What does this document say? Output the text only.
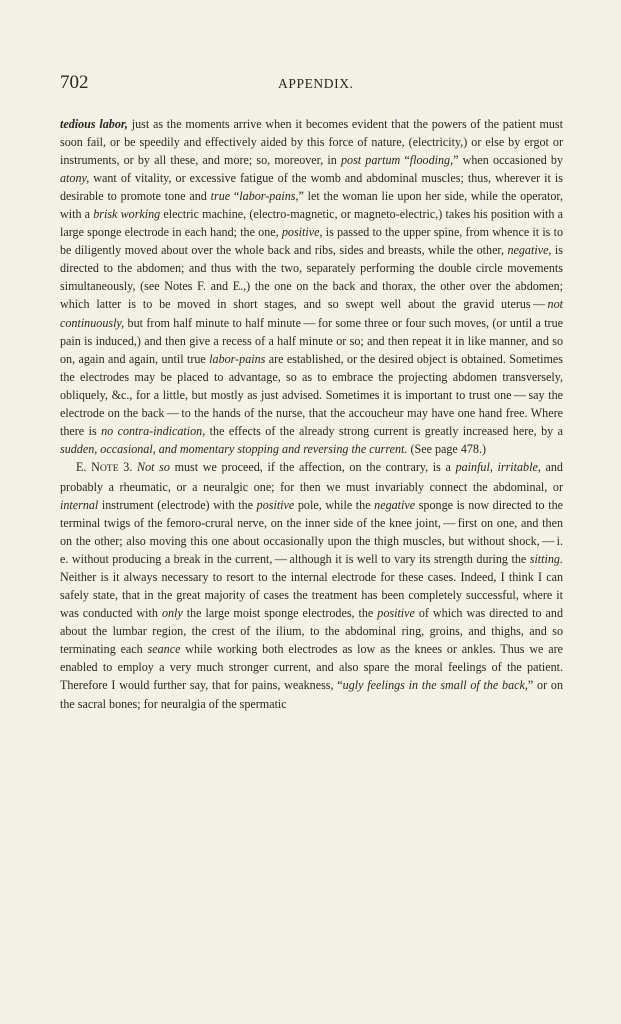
702	APPENDIX.

tedious labor, just as the moments arrive when it becomes evident that the powers of the patient must soon fail, or be speedily and effectively aided by this force of nature, (electricity,) or else by ergot or instruments, or by all these, and more; so, moreover, in post partum “flooding,” when occasioned by atony, want of vitality, or excessive fatigue of the womb and abdominal muscles; thus, wherever it is desirable to promote tone and true “labor-pains,” let the woman lie upon her side, while the operator, with a brisk working electric machine, (electro-magnetic, or magneto-electric,) takes his position with a large sponge electrode in each hand; the one, positive, is passed to the upper spine, from whence it is to be diligently moved about over the whole back and ribs, sides and breasts, while the other, negative, is directed to the abdomen; and thus with the two, separately performing the double circle movements simultaneously, (see Notes F. and E.,) the one on the back and thorax, the other over the abdomen; which latter is to be moved in short stages, and so swept well about the gravid uterus — not continuously, but from half minute to half minute — for some three or four such moves, (or until a true pain is induced,) and then give a recess of a half minute or so; and then repeat it in like manner, and so on, again and again, until true labor-pains are established, or the desired object is obtained. Sometimes the electrodes may be placed to advantage, so as to embrace the projecting abdomen transversely, obliquely, &c., for a little, but mostly as just advised. Sometimes it is important to trust one — say the electrode on the back — to the hands of the nurse, that the accoucheur may have one hand free. Where there is no contra-indication, the effects of the already strong current is greatly increased here, by a sudden, occasional, and momentary stopping and reversing the current. (See page 478.)

E. NOTE 3. Not so must we proceed, if the affection, on the contrary, is a painful, irritable, and probably a rheumatic, or a neuralgic one; for then we must invariably connect the abdominal, or internal instrument (electrode) with the positive pole, while the negative sponge is now directed to the terminal twigs of the femoro-crural nerve, on the inner side of the knee joint, — first on one, and then on the other; also moving this one about occasionally upon the thigh muscles, but without shock, — i. e. without producing a break in the current, — although it is well to vary its strength during the sitting. Neither is it always necessary to resort to the internal electrode for these cases. Indeed, I think I can safely state, that in the great majority of cases the treatment has been completely successful, where it was conducted with only the large moist sponge electrodes, the positive of which was directed to and about the lumbar region, the crest of the ilium, to the abdominal ring, groins, and thighs, and so terminating each seance while working both electrodes as low as the knees or ankles. Thus we are enabled to employ a very much stronger current, and also spare the moral feelings of the patient. Therefore I would further say, that for pains, weakness, “ugly feelings in the small of the back,” or on the sacral bones; for neuralgia of the spermatic
